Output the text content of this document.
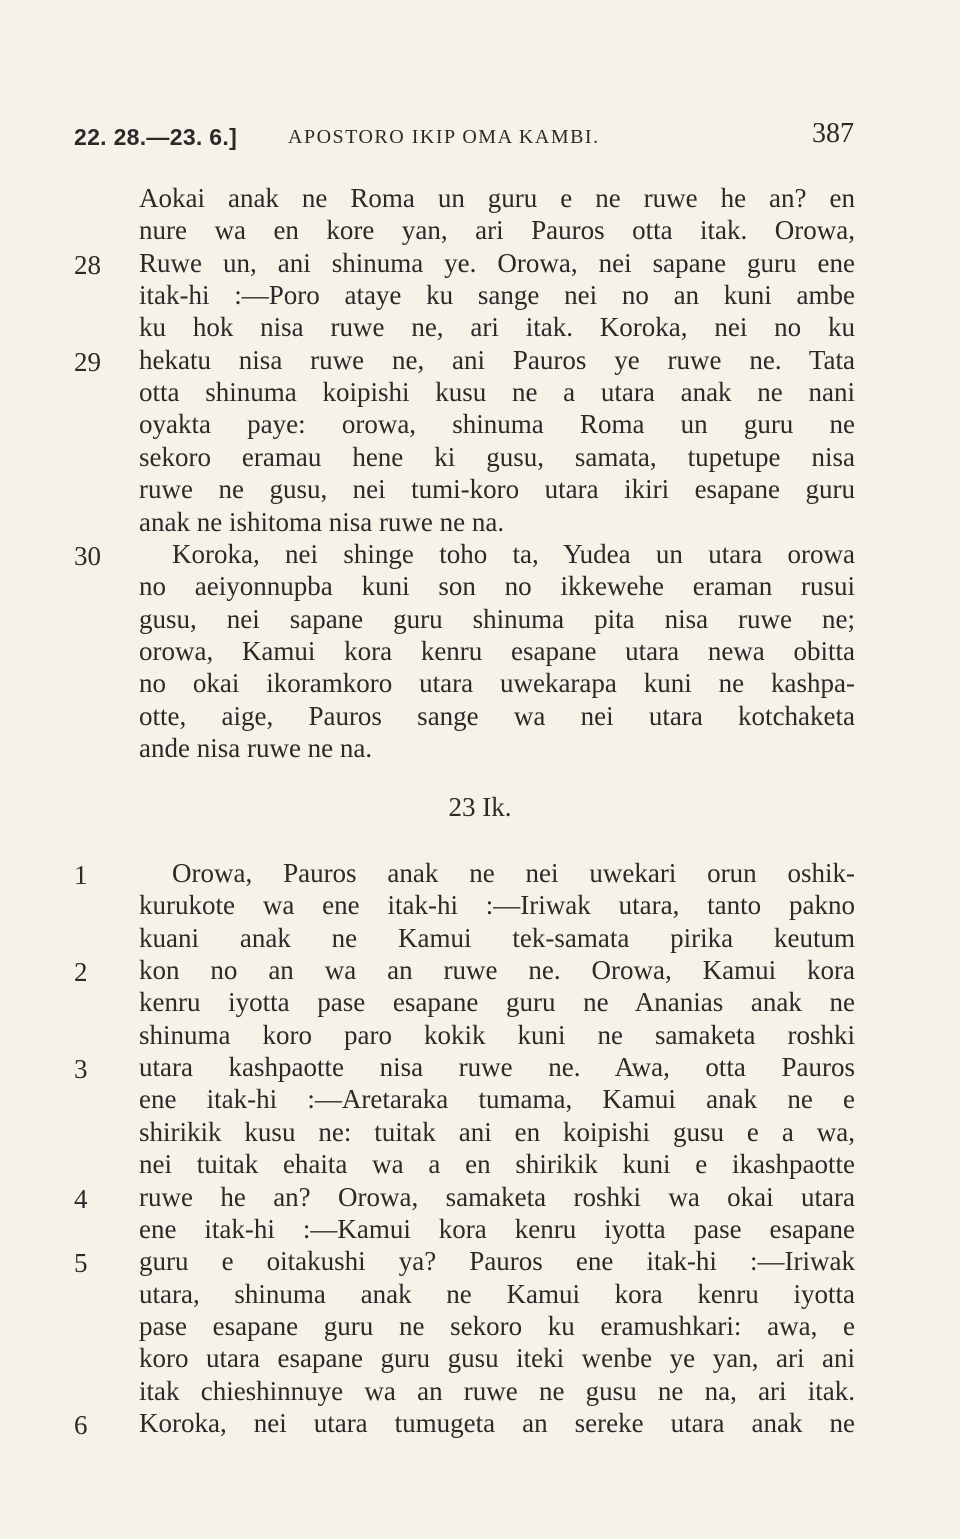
22. 28.—23. 6.]	APOSTORO IKIP OMA KAMBI.	387
Aokai anak ne Roma un guru e ne ruwe he an? en
nure wa en kore yan, ari Pauros otta itak. Orowa,
28	Ruwe un, ani shinuma ye. Orowa, nei sapane guru ene
itak-hi :—Poro ataye ku sange nei no an kuni ambe
ku hok nisa ruwe ne, ari itak. Koroka, nei no ku
29	hekatu nisa ruwe ne, ani Pauros ye ruwe ne. Tata
otta shinuma koipishi kusu ne a utara anak ne nani
oyakta paye: orowa, shinuma Roma un guru ne
sekoro eramau hene ki gusu, samata, tupetupe nisa
ruwe ne gusu, nei tumi-koro utara ikiri esapane guru
anak ne ishitoma nisa ruwe ne na.
30	Koroka, nei shinge toho ta, Yudea un utara orowa
no aeiyonnupba kuni son no ikkewehe eraman rusui
gusu, nei sapane guru shinuma pita nisa ruwe ne;
orowa, Kamui kora kenru esapane utara newa obitta
no okai ikoramkoro utara uwekarapa kuni ne kashpa-
otte, aige, Pauros sange wa nei utara kotchaketa
ande nisa ruwe ne na.
23 Ik.
1	Orowa, Pauros anak ne nei uwekari orun oshik-
kurukote wa ene itak-hi :—Iriwak utara, tanto pakno
kuani anak ne Kamui tek-samata pirika keutum
2	kon no an wa an ruwe ne. Orowa, Kamui kora
kenru iyotta pase esapane guru ne Ananias anak ne
shinuma koro paro kokik kuni ne samaketa roshki
3	utara kashpaotte nisa ruwe ne. Awa, otta Pauros
ene itak-hi :—Aretaraka tumama, Kamui anak ne e
shirikik kusu ne: tuitak ani en koipishi gusu e a wa,
nei tuitak ehaita wa a en shirikik kuni e ikashpaotte
4	ruwe he an? Orowa, samaketa roshki wa okai utara
ene itak-hi :—Kamui kora kenru iyotta pase esapane
5	guru e oitakushi ya? Pauros ene itak-hi :—Iriwak
utara, shinuma anak ne Kamui kora kenru iyotta
pase esapane guru ne sekoro ku eramushkari: awa, e
koro utara esapane guru gusu iteki wenbe ye yan, ari ani
itak chieshinnuye wa an ruwe ne gusu ne na, ari itak.
6	Koroka, nei utara tumugeta an sereke utara anak ne
